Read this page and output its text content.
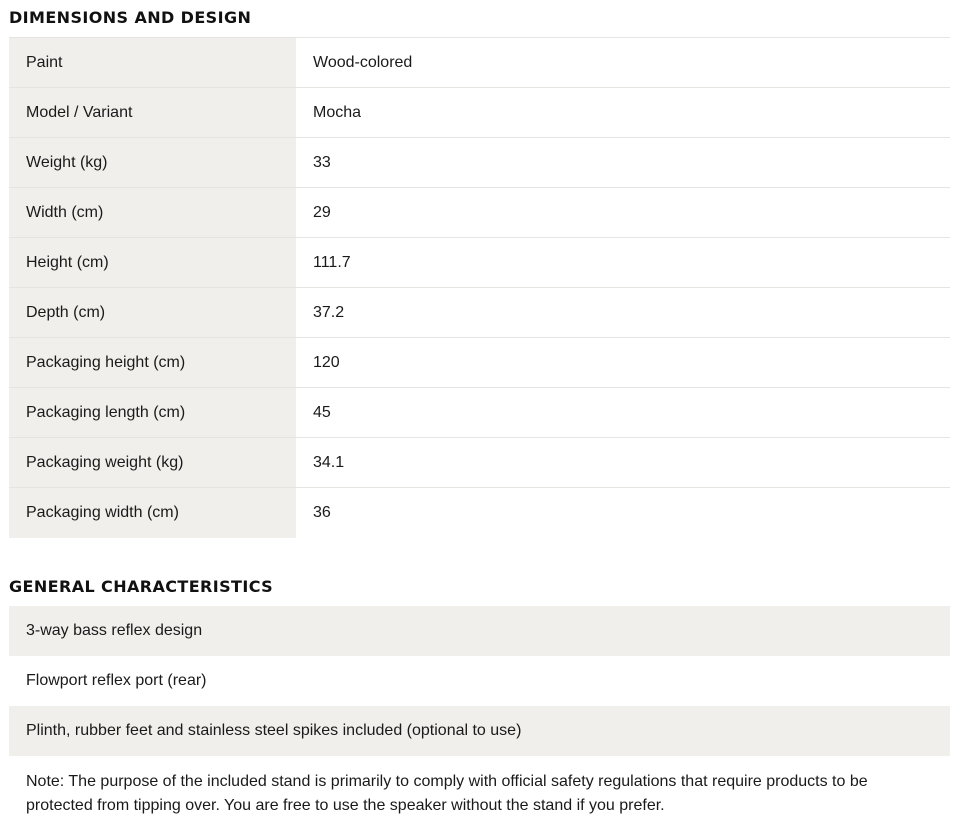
DIMENSIONS AND DESIGN
Paint	Wood-colored
Model / Variant	Mocha
Weight (kg)	33
Width (cm)	29
Height (cm)	111.7
Depth (cm)	37.2
Packaging height (cm)	120
Packaging length (cm)	45
Packaging weight (kg)	34.1
Packaging width (cm)	36
GENERAL CHARACTERISTICS
3-way bass reflex design
Flowport reflex port (rear)
Plinth, rubber feet and stainless steel spikes included (optional to use)
Note: The purpose of the included stand is primarily to comply with official safety regulations that require products to be protected from tipping over. You are free to use the speaker without the stand if you prefer.
